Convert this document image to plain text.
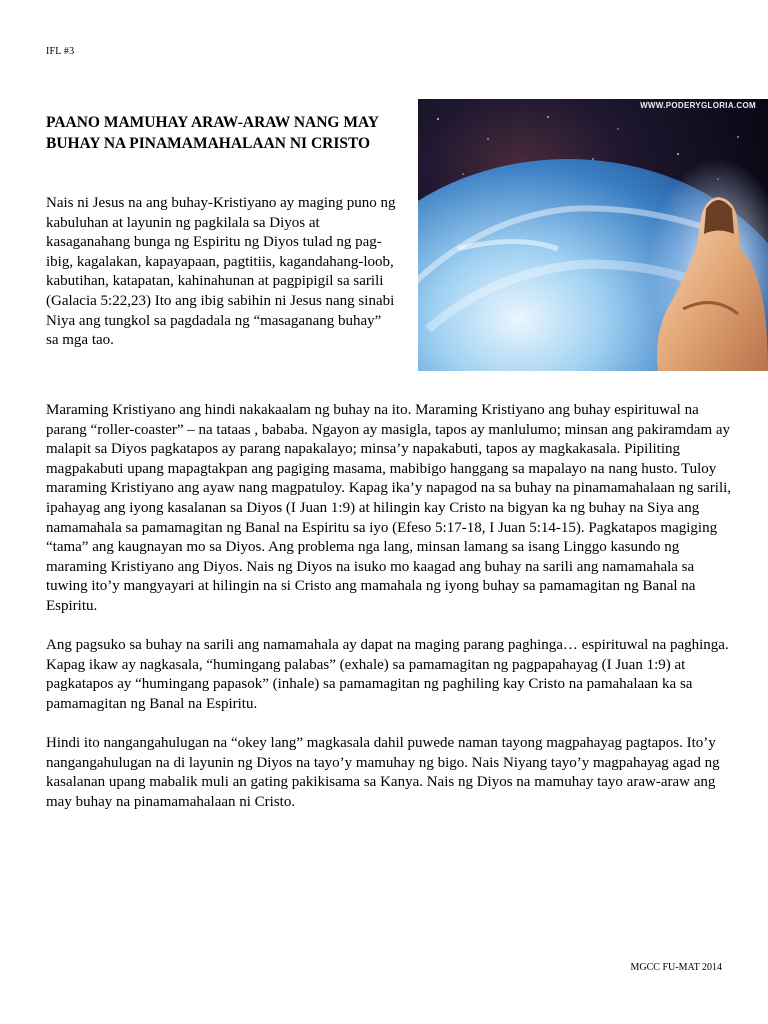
IFL #3
PAANO MAMUHAY ARAW-ARAW NANG MAY BUHAY NA PINAMAMAHALAAN NI CRISTO

Nais ni Jesus na ang buhay-Kristiyano ay maging puno ng kabuluhan at layunin ng pagkilala sa Diyos at kasaganahang bunga ng Espiritu ng Diyos tulad ng pag-ibig, kagalakan, kapayapaan, pagtitiis, kagandahang-loob, kabutihan, katapatan, kahinahunan at pagpipigil sa sarili (Galacia 5:22,23) Ito ang ibig sabihin ni Jesus nang sinabi Niya ang tungkol sa pagdadala ng “masaganang buhay” sa mga tao.

WWW.PODERYGLORIA.COM

Maraming Kristiyano ang hindi nakakaalam ng buhay na ito. Maraming Kristiyano ang buhay espirituwal na parang “roller-coaster” – na tataas , bababa. Ngayon ay masigla, tapos ay manlulumo; minsan ang pakiramdam ay malapit sa Diyos pagkatapos ay parang napakalayo; minsa’y napakabuti, tapos ay magkakasala. Pipiliting magpakabuti upang mapagtakpan ang pagiging masama, mabibigo hanggang sa mapalayo na nang husto. Tuloy maraming Kristiyano ang ayaw nang magpatuloy. Kapag ika’y napagod na sa buhay na pinamamahalaan ng sarili, ipahayag ang iyong kasalanan sa Diyos (I Juan 1:9) at hilingin kay Cristo na bigyan ka ng buhay na Siya ang namamahala sa pamamagitan ng Banal na Espiritu sa iyo (Efeso 5:17-18, I Juan 5:14-15). Pagkatapos magiging “tama” ang kaugnayan mo sa Diyos. Ang problema nga lang, minsan lamang sa isang Linggo kasundo ng maraming Kristiyano ang Diyos. Nais ng Diyos na isuko mo kaagad ang buhay na sarili ang namamahala sa tuwing ito’y mangyayari at hilingin na si Cristo ang mamahala ng iyong buhay sa pamamagitan ng Banal na Espiritu.

Ang pagsuko sa buhay na sarili ang namamahala ay dapat na maging parang paghinga… espirituwal na paghinga. Kapag ikaw ay nagkasala, “humingang palabas” (exhale) sa pamamagitan ng pagpapahayag (I Juan 1:9) at pagkatapos ay “humingang papasok” (inhale) sa pamamagitan ng paghiling kay Cristo na pamahalaan ka sa pamamagitan ng Banal na Espiritu.

Hindi ito nangangahulugan na “okey lang” magkasala dahil puwede naman tayong magpahayag pagtapos. Ito’y nangangahulugan na di layunin ng Diyos na tayo’y mamuhay ng bigo. Nais Niyang tayo’y magpahayag agad ng kasalanan upang mabalik muli an gating pakikisama sa Kanya. Nais ng Diyos na mamuhay tayo araw-araw ang may buhay na pinamamahalaan ni Cristo.

MGCC FU-MAT 2014
